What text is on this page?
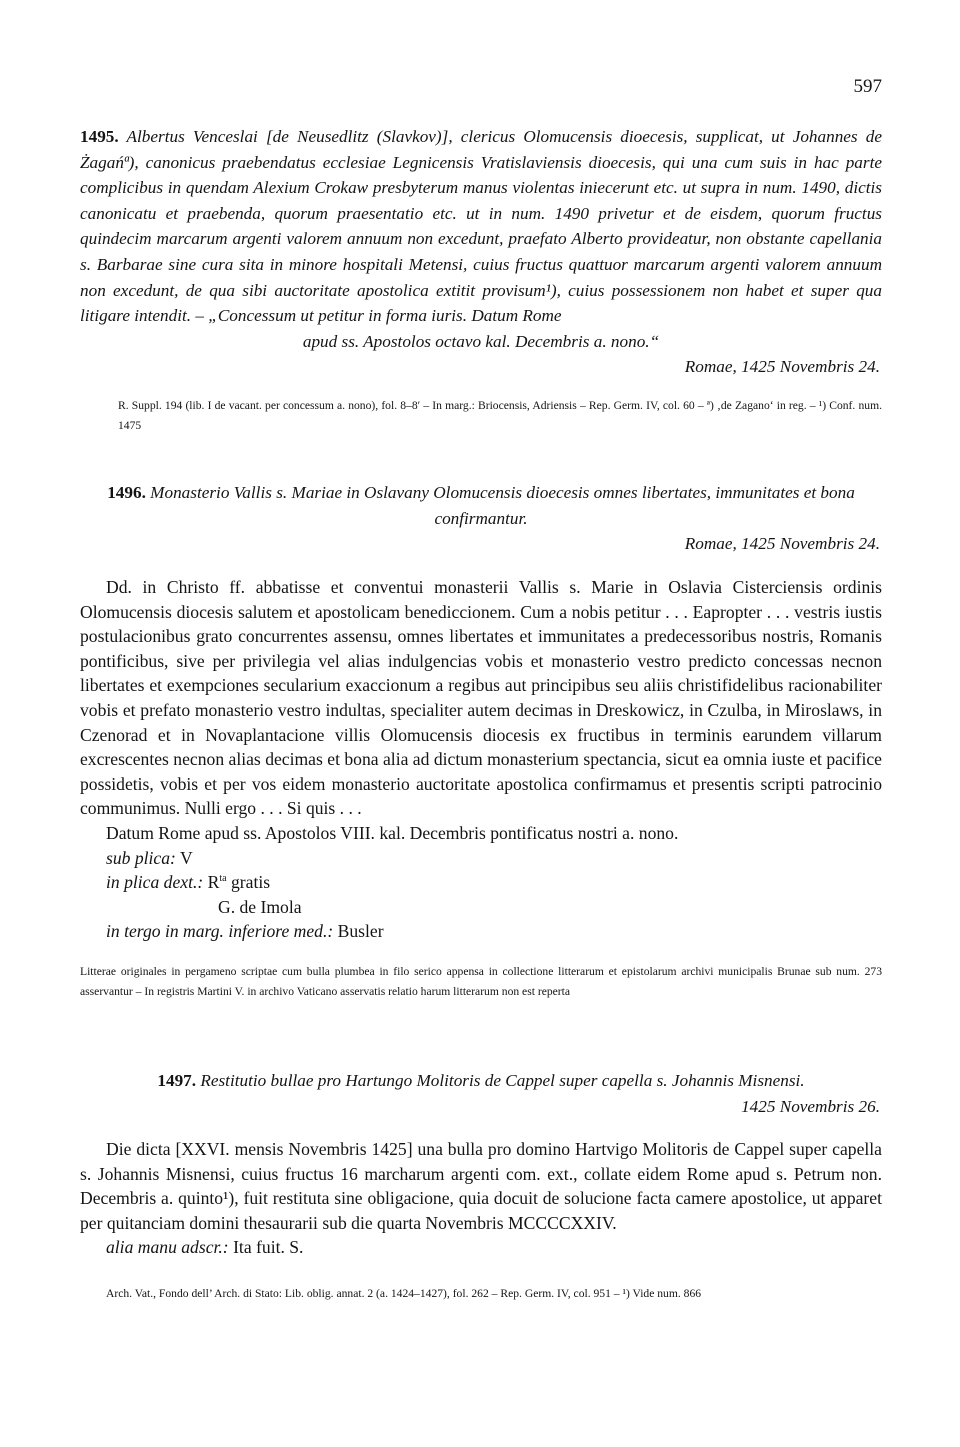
597

1495. Albertus Venceslai [de Neusedlitz (Slavkov)], clericus Olomucensis dioecesis, supplicat, ut Johannes de Żagańª), canonicus praebendatus ecclesiae Legnicensis Vratislaviensis dioecesis, qui una cum suis in hac parte complicibus in quendam Alexium Crokaw presbyterum manus violentas iniecerunt etc. ut supra in num. 1490, dictis canonicatu et praebenda, quorum praesentatio etc. ut in num. 1490 privetur et de eisdem, quorum fructus quindecim marcarum argenti valorem annuum non excedunt, praefato Alberto provideatur, non obstante capellania s. Barbarae sine cura sita in minore hospitali Metensi, cuius fructus quattuor marcarum argenti valorem annuum non excedunt, de qua sibi auctoritate apostolica extitit provisum¹), cuius possessionem non habet et super qua litigare intendit. – „Concessum ut petitur in forma iuris. Datum Rome

apud ss. Apostolos octavo kal. Decembris a. nono.“

Romae, 1425 Novembris 24.

R. Suppl. 194 (lib. I de vacant. per concessum a. nono), fol. 8–8′ – In marg.: Briocensis, Adriensis – Rep. Germ. IV, col. 60 – ª) ‚de Zagano‘ in reg. – ¹) Conf. num. 1475

1496. Monasterio Vallis s. Mariae in Oslavany Olomucensis dioecesis omnes libertates, immunitates et bona confirmantur.

Romae, 1425 Novembris 24.

Dd. in Christo ff. abbatisse et conventui monasterii Vallis s. Marie in Oslavia Cisterciensis ordinis Olomucensis diocesis salutem et apostolicam benediccionem. Cum a nobis petitur . . . Eapropter . . . vestris iustis postulacionibus grato concurrentes assensu, omnes libertates et immunitates a predecessoribus nostris, Romanis pontificibus, sive per privilegia vel alias indulgencias vobis et monasterio vestro predicto concessas necnon libertates et exempciones secularium exaccionum a regibus aut principibus seu aliis christifidelibus racionabiliter vobis et prefato monasterio vestro indultas, specialiter autem decimas in Dreskowicz, in Czulba, in Miroslaws, in Czenorad et in Novaplantacione villis Olomucensis diocesis ex fructibus in terminis earundem villarum excrescentes necnon alias decimas et bona alia ad dictum monasterium spectancia, sicut ea omnia iuste et pacifice possidetis, vobis et per vos eidem monasterio auctoritate apostolica confirmamus et presentis scripti patrocinio communimus. Nulli ergo . . . Si quis . . .

Datum Rome apud ss. Apostolos VIII. kal. Decembris pontificatus nostri a. nono.

sub plica: V

in plica dext.: $R^{ta}$ gratis

G. de Imola

in tergo in marg. inferiore med.: Busler

Litterae originales in pergameno scriptae cum bulla plumbea in filo serico appensa in collectione litterarum et epistolarum archivi municipalis Brunae sub num. 273 asservantur – In registris Martini V. in archivo Vaticano asservatis relatio harum litterarum non est reperta

1497. Restitutio bullae pro Hartungo Molitoris de Cappel super capella s. Johannis Misnensi.

1425 Novembris 26.

Die dicta [XXVI. mensis Novembris 1425] una bulla pro domino Hartvigo Molitoris de Cappel super capella s. Johannis Misnensi, cuius fructus 16 marcharum argenti com. ext., collate eidem Rome apud s. Petrum non. Decembris a. quinto¹), fuit restituta sine obligacione, quia docuit de solucione facta camere apostolice, ut apparet per quitanciam domini thesaurarii sub die quarta Novembris MCCCCXXIV.

alia manu adscr.: Ita fuit. S.

Arch. Vat., Fondo dell’ Arch. di Stato: Lib. oblig. annat. 2 (a. 1424–1427), fol. 262 – Rep. Germ. IV, col. 951 – ¹) Vide num. 866
